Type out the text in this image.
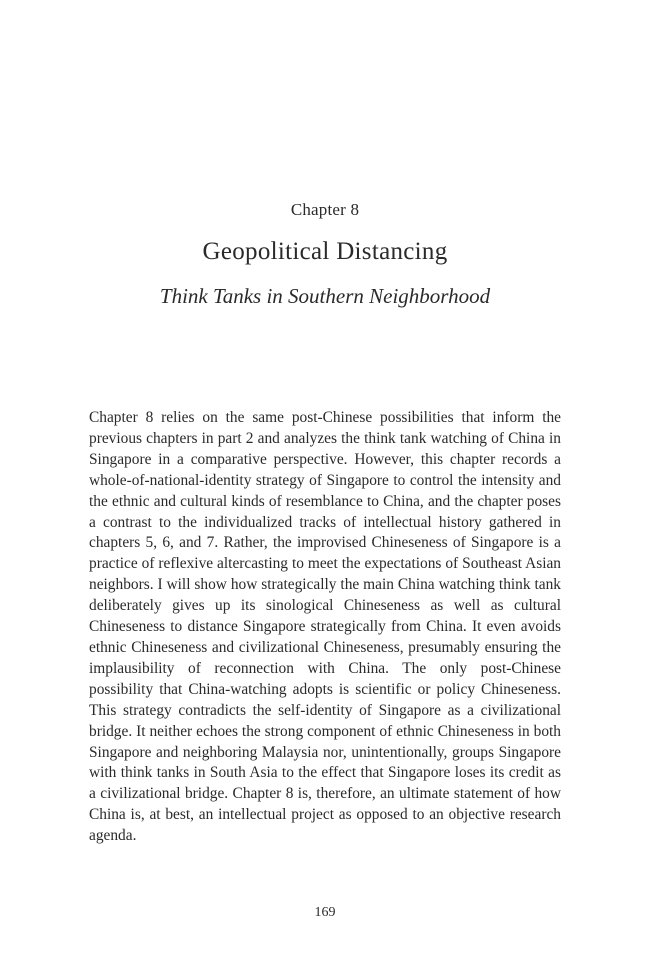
Chapter 8
Geopolitical Distancing
Think Tanks in Southern Neighborhood

Chapter 8 relies on the same post-Chinese possibilities that inform the previous chapters in part 2 and analyzes the think tank watching of China in Singapore in a comparative perspective. However, this chapter records a whole-of-national-identity strategy of Singapore to control the intensity and the ethnic and cultural kinds of resemblance to China, and the chapter poses a contrast to the individualized tracks of intellectual history gathered in chapters 5, 6, and 7. Rather, the improvised Chineseness of Singapore is a practice of reflexive altercasting to meet the expectations of Southeast Asian neighbors. I will show how strategically the main China watching think tank deliberately gives up its sinological Chineseness as well as cultural Chineseness to distance Singapore strategically from China. It even avoids ethnic Chineseness and civilizational Chineseness, presumably ensuring the implausibility of reconnection with China. The only post-Chinese possibility that China-watching adopts is scientific or policy Chineseness. This strategy contradicts the self-identity of Singapore as a civilizational bridge. It neither echoes the strong component of ethnic Chineseness in both Singapore and neighboring Malaysia nor, unintentionally, groups Singapore with think tanks in South Asia to the effect that Singapore loses its credit as a civilizational bridge. Chapter 8 is, therefore, an ultimate statement of how China is, at best, an intellectual project as opposed to an objective research agenda.

169
